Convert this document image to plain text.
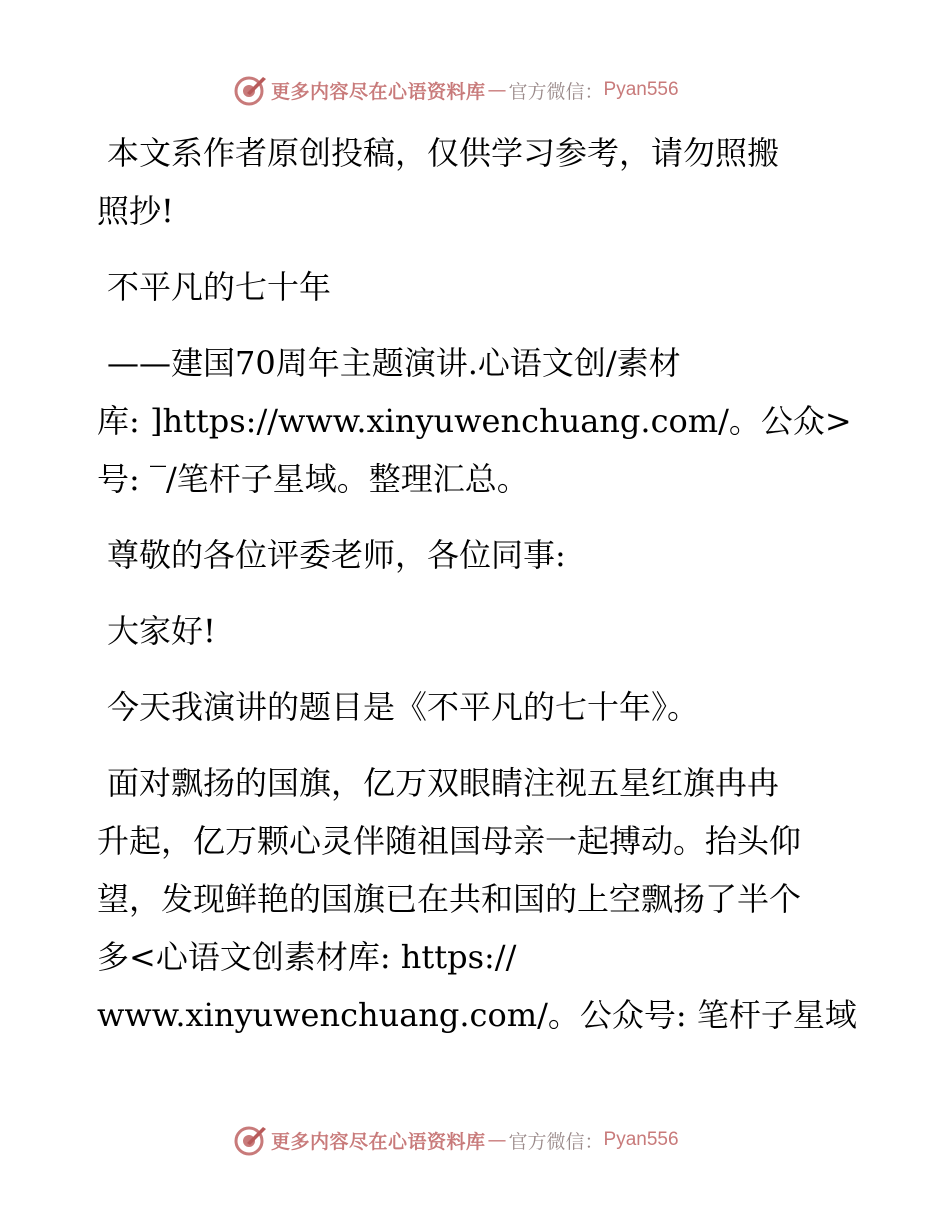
更多内容尽在心语资料库 — 官方微信： Pyan556
本文系作者原创投稿，仅供学习参考，请勿照搬
照抄!
不平凡的七十年
——建国70周年主题演讲.心语文创/素材
库: ]https://www.xinyuwenchuang.com/。公众>
号: ‾/笔杆子星域。整理汇总。
尊敬的各位评委老师，各位同事:
大家好!
今天我演讲的题目是《不平凡的七十年》。
面对飘扬的国旗，亿万双眼睛注视五星红旗冉冉
升起，亿万颗心灵伴随祖国母亲一起搏动。抬头仰
望，发现鲜艳的国旗已在共和国的上空飘扬了半个
多<心语文创素材库: https://
www.xinyuwenchuang.com/。公众号: 笔杆子星域
更多内容尽在心语资料库 — 官方微信： Pyan556
